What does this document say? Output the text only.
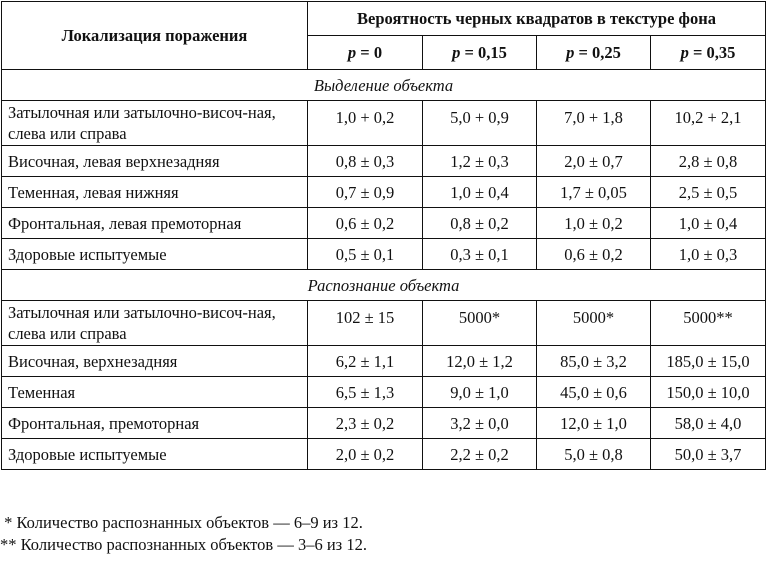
Локализация поражения	Вероятность черных квадратов в текстуре фона			
	p = 0	p = 0,15	p = 0,25	p = 0,35
Выделение объекта				
Затылочная или затылочно-височ-ная, слева или справа	1,0 + 0,2	5,0 + 0,9	7,0 + 1,8	10,2 + 2,1
Височная, левая верхнезадняя	0,8 ± 0,3	1,2 ± 0,3	2,0 ± 0,7	2,8 ± 0,8
Теменная, левая нижняя	0,7 ± 0,9	1,0 ± 0,4	1,7 ± 0,05	2,5 ± 0,5
Фронтальная, левая премоторная	0,6 ± 0,2	0,8 ± 0,2	1,0 ± 0,2	1,0 ± 0,4
Здоровые испытуемые	0,5 ± 0,1	0,3 ± 0,1	0,6 ± 0,2	1,0 ± 0,3
Распознание объекта				
Затылочная или затылочно-височ-ная, слева или справа	102 ± 15	5000*	5000*	5000**
Височная, верхнезадняя	6,2 ± 1,1	12,0 ± 1,2	85,0 ± 3,2	185,0 ± 15,0
Теменная	6,5 ± 1,3	9,0 ± 1,0	45,0 ± 0,6	150,0 ± 10,0
Фронтальная, премоторная	2,3 ± 0,2	3,2 ± 0,0	12,0 ± 1,0	58,0 ± 4,0
Здоровые испытуемые	2,0 ± 0,2	2,2 ± 0,2	5,0 ± 0,8	50,0 ± 3,7
* Количество распознанных объектов — 6–9 из 12.
** Количество распознанных объектов — 3–6 из 12.
